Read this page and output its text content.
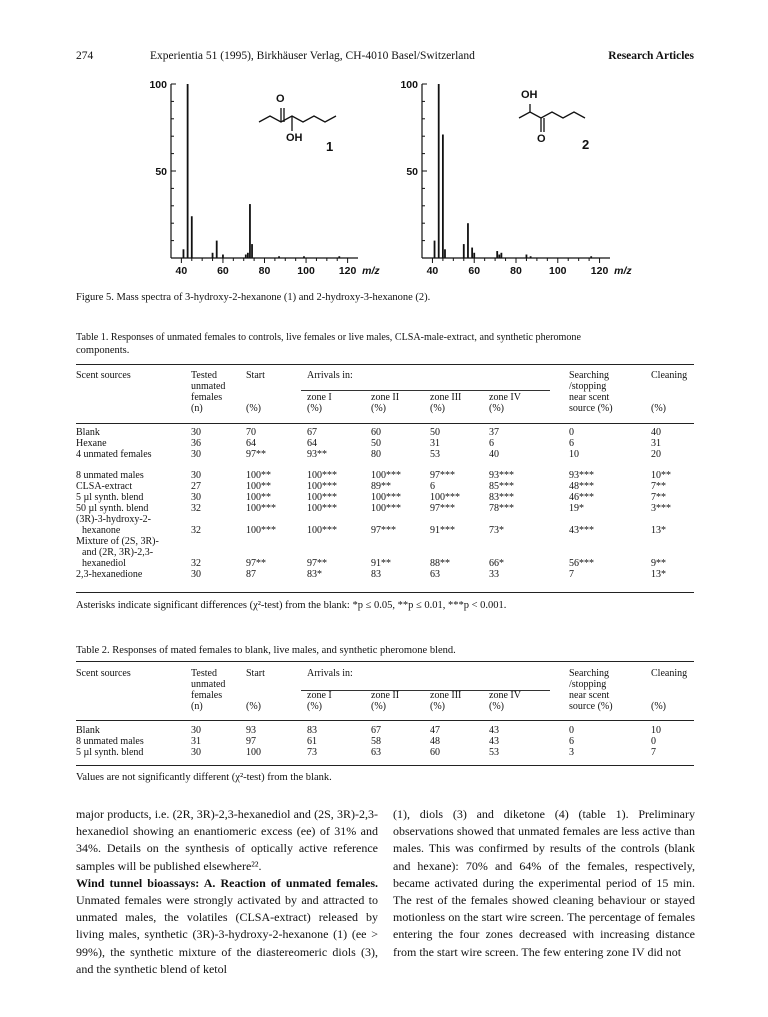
274	Experientia 51 (1995), Birkhäuser Verlag, CH-4010 Basel/Switzerland	Research Articles
100
50
40	60	80	100 120 m/z
100
50
40	60	80	100 120 m/z
O
OH
1
OH
O	2
Figure 5. Mass spectra of 3-hydroxy-2-hexanone (1) and 2-hydroxy-3-hexanone (2).
Table 1. Responses of unmated females to controls, live females or live males, CLSA-male-extract, and synthetic pheromone
components.
Scent sources	Tested
unmated
females
(n)
Start
(%)
Arrivals in:
zone I
(%)
zone II
(%)
zone III
(%)
zone IV
(%)
Searching
/stopping
near scent
source (%)
Cleaning
(%)
Blank	30	70	67	60	50	37	0	40
Hexane	36	64	64	50	31	6	6	31
4 unmated females	30	97**	93**	80	53	40	10	20
8 unmated males	30	100**	100***	100***	97***	93***	93***	10**
CLSA-extract	27	100**	100***	89**	6	85***	48***	7**
5 µl synth. blend	30	100**	100***	100***	100***	83***	46***	7**
50 µl synth. blend	32	100***	100***	100***	97***	78***	19*	3***
(3R)-3-hydroxy-2-
hexanone	32	100***	100***	97***	91***	73*	43***	13*
Mixture of (2S, 3R)-
and (2R, 3R)-2,3-
hexanediol	32	97**	97**	91**	88**	66*	56***	9**
2,3-hexanedione	30	87	83*	83	63	33	7	13*
Asterisks indicate significant differences (χ²-test) from the blank: *p ≤ 0.05, **p ≤ 0.01, ***p < 0.001.
Table 2. Responses of mated females to blank, live males, and synthetic pheromone blend.
Scent sources	Tested
unmated
females
(n)
Start
(%)
Arrivals in:
zone I
(%)
zone II
(%)
zone III
(%)
zone IV
(%)
Searching
/stopping
near scent
source (%)
Cleaning
(%)
Blank	30	93	83	67	47	43	0	10
8 unmated males	31	97	61	58	48	43	6	0
5 µl synth. blend	30	100	73	63	60	53	3	7
Values are not significantly different (χ²-test) from the blank.

major products, i.e. (2R, 3R)-2,3-hexanediol and (2S, 3R)-2,3-hexanediol showing an enantiomeric excess (ee) of 31% and 34%. Details on the synthesis of optically active reference samples will be published elsewhere²².

Wind tunnel bioassays: A. Reaction of unmated females. Unmated females were strongly activated by and attracted to unmated males, the volatiles (CLSA-extract) released by living males, synthetic (3R)-3-hydroxy-2-hexanone (1) (ee > 99%), the synthetic mixture of the diastereomeric diols (3), and the synthetic blend of ketol

(1), diols (3) and diketone (4) (table 1). Preliminary observations showed that unmated females are less active than males. This was confirmed by results of the controls (blank and hexane): 70% and 64% of the females, respectively, became activated during the experimental period of 15 min. The rest of the females showed cleaning behaviour or stayed motionless on the start wire screen. The percentage of females entering the four zones decreased with increasing distance from the start wire screen. The few entering zone IV did not
